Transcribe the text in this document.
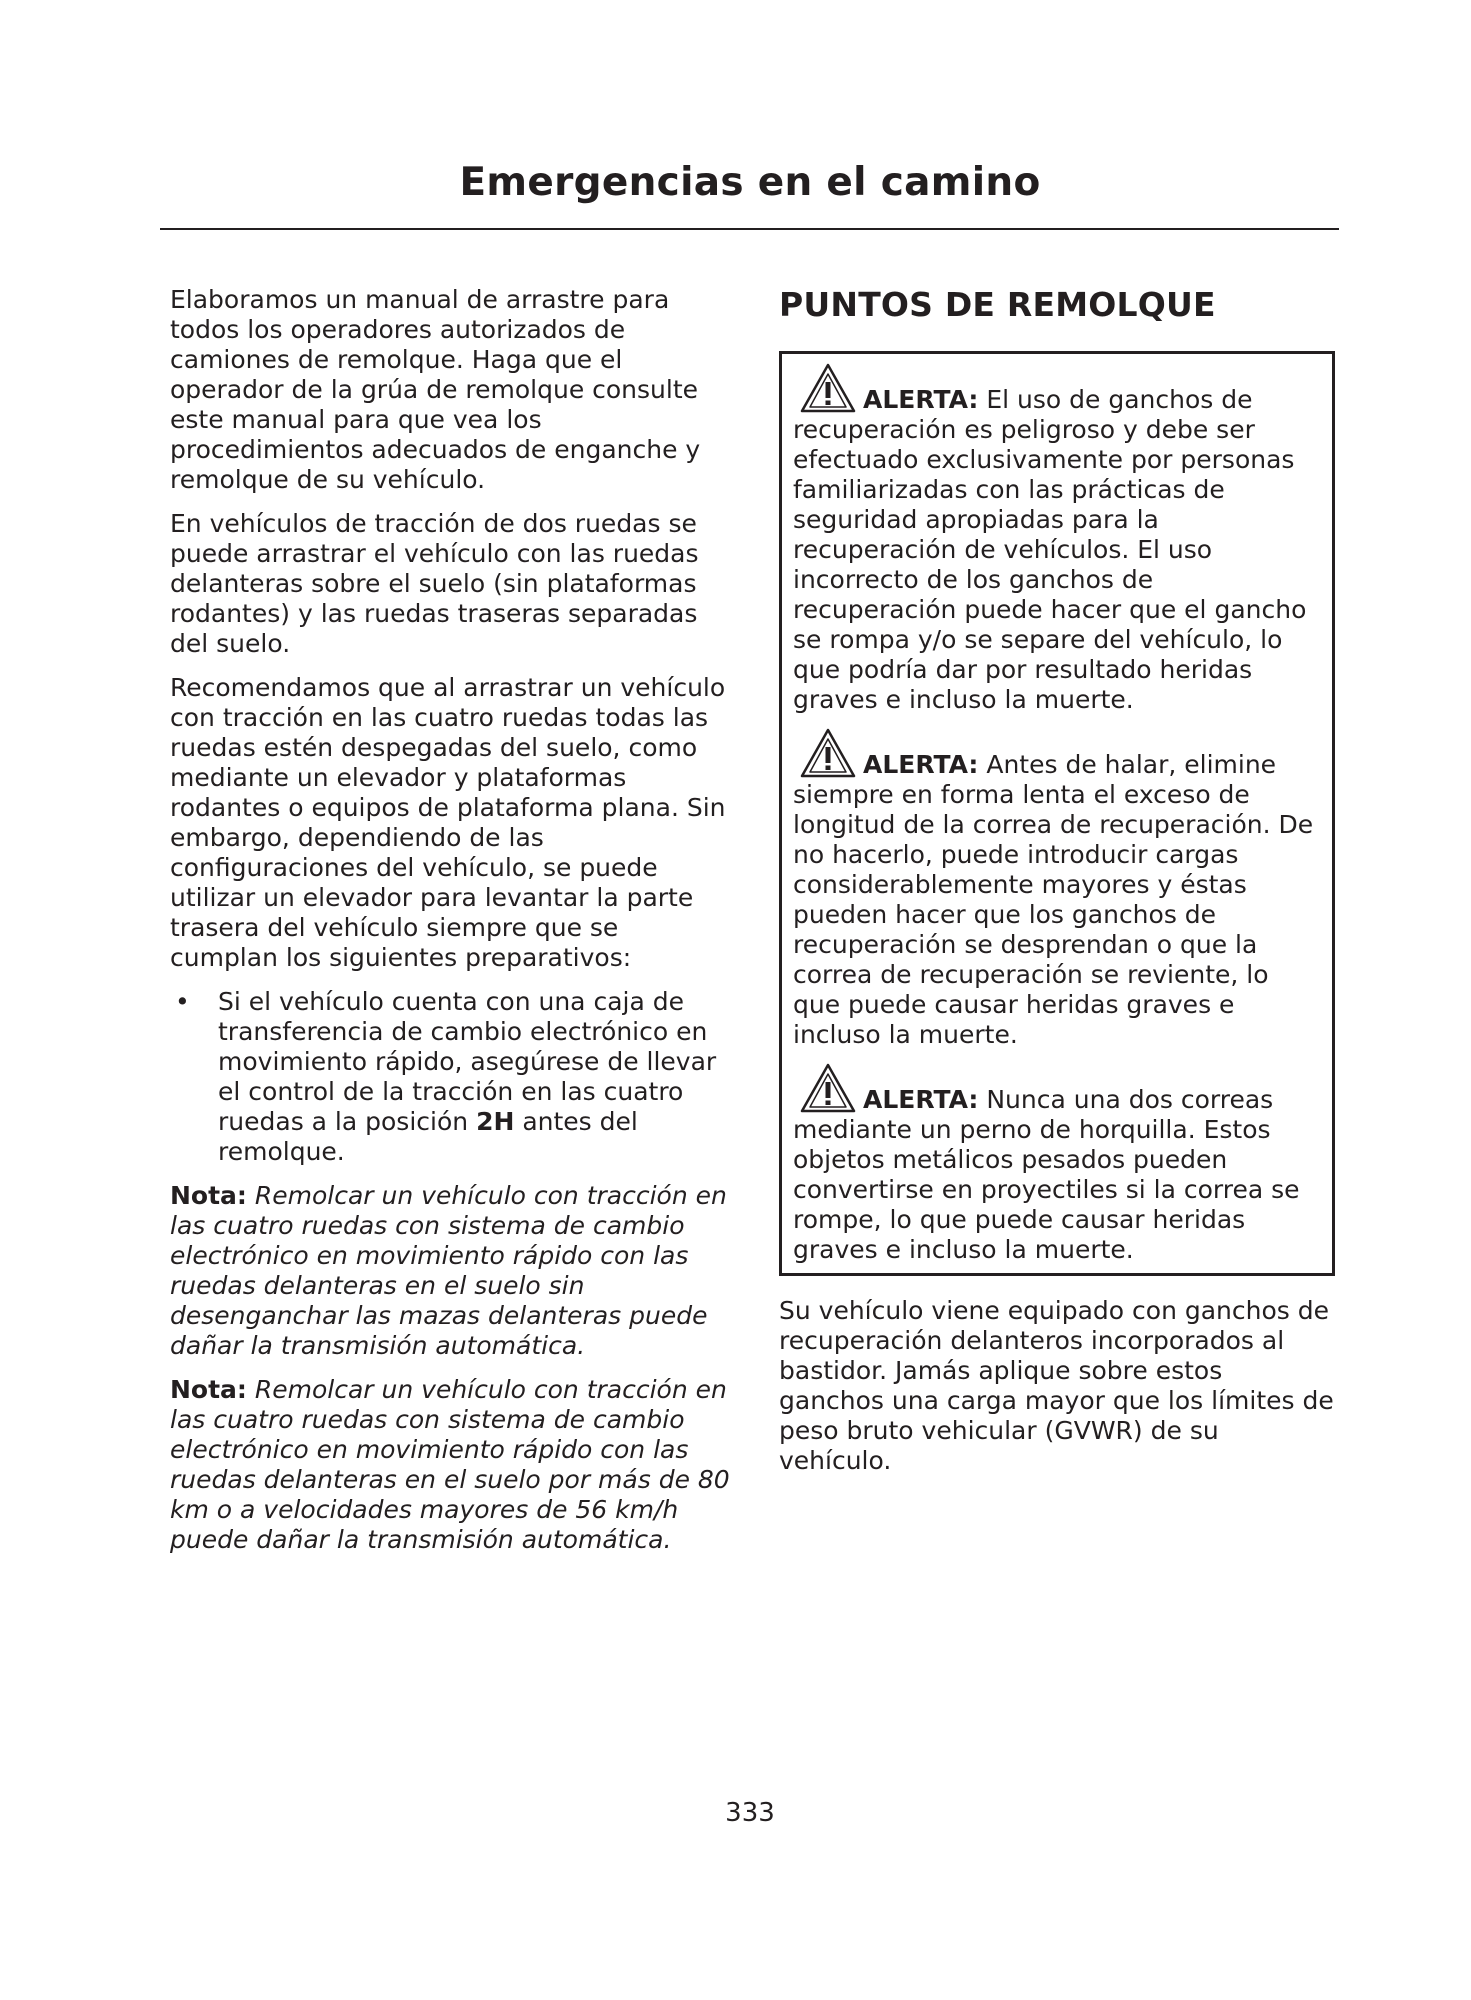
Emergencias en el camino

Elaboramos un manual de arrastre para todos los operadores autorizados de camiones de remolque. Haga que el operador de la grúa de remolque consulte este manual para que vea los procedimientos adecuados de enganche y remolque de su vehículo.

En vehículos de tracción de dos ruedas se puede arrastrar el vehículo con las ruedas delanteras sobre el suelo (sin plataformas rodantes) y las ruedas traseras separadas del suelo.

Recomendamos que al arrastrar un vehículo con tracción en las cuatro ruedas todas las ruedas estén despegadas del suelo, como mediante un elevador y plataformas rodantes o equipos de plataforma plana. Sin embargo, dependiendo de las configuraciones del vehículo, se puede utilizar un elevador para levantar la parte trasera del vehículo siempre que se cumplan los siguientes preparativos:

• Si el vehículo cuenta con una caja de transferencia de cambio electrónico en movimiento rápido, asegúrese de llevar el control de la tracción en las cuatro ruedas a la posición 2H antes del remolque.

Nota: Remolcar un vehículo con tracción en las cuatro ruedas con sistema de cambio electrónico en movimiento rápido con las ruedas delanteras en el suelo sin desenganchar las mazas delanteras puede dañar la transmisión automática.

Nota: Remolcar un vehículo con tracción en las cuatro ruedas con sistema de cambio electrónico en movimiento rápido con las ruedas delanteras en el suelo por más de 80 km o a velocidades mayores de 56 km/h puede dañar la transmisión automática.

PUNTOS DE REMOLQUE
ALERTA: El uso de ganchos de recuperación es peligroso y debe ser efectuado exclusivamente por personas familiarizadas con las prácticas de seguridad apropiadas para la recuperación de vehículos. El uso incorrecto de los ganchos de recuperación puede hacer que el gancho se rompa y/o se separe del vehículo, lo que podría dar por resultado heridas graves e incluso la muerte.
ALERTA: Antes de halar, elimine siempre en forma lenta el exceso de longitud de la correa de recuperación. De no hacerlo, puede introducir cargas considerablemente mayores y éstas pueden hacer que los ganchos de recuperación se desprendan o que la correa de recuperación se reviente, lo que puede causar heridas graves e incluso la muerte.
ALERTA: Nunca una dos correas mediante un perno de horquilla. Estos objetos metálicos pesados pueden convertirse en proyectiles si la correa se rompe, lo que puede causar heridas graves e incluso la muerte.

Su vehículo viene equipado con ganchos de recuperación delanteros incorporados al bastidor. Jamás aplique sobre estos ganchos una carga mayor que los límites de peso bruto vehicular (GVWR) de su vehículo.

333
